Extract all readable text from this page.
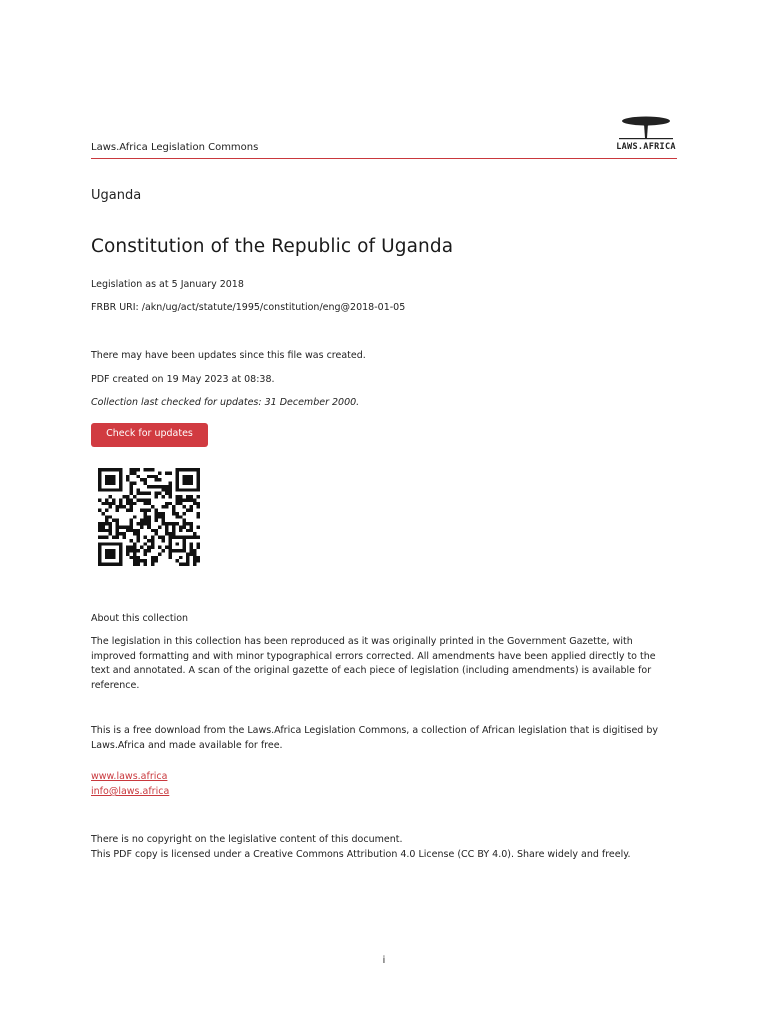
Laws.Africa Legislation Commons	LAWS.AFRICA
Uganda
Constitution of the Republic of Uganda
Legislation as at 5 January 2018
FRBR URI: /akn/ug/act/statute/1995/constitution/eng@2018-01-05
There may have been updates since this file was created.
PDF created on 19 May 2023 at 08:38.
Collection last checked for updates: 31 December 2000.
Check for updates
About this collection
The legislation in this collection has been reproduced as it was originally printed in the Government Gazette, with improved formatting and with minor typographical errors corrected. All amendments have been applied directly to the text and annotated. A scan of the original gazette of each piece of legislation (including amendments) is available for reference.
This is a free download from the Laws.Africa Legislation Commons, a collection of African legislation that is digitised by Laws.Africa and made available for free.
www.laws.africa
info@laws.africa
There is no copyright on the legislative content of this document.
This PDF copy is licensed under a Creative Commons Attribution 4.0 License (CC BY 4.0). Share widely and freely.
i
